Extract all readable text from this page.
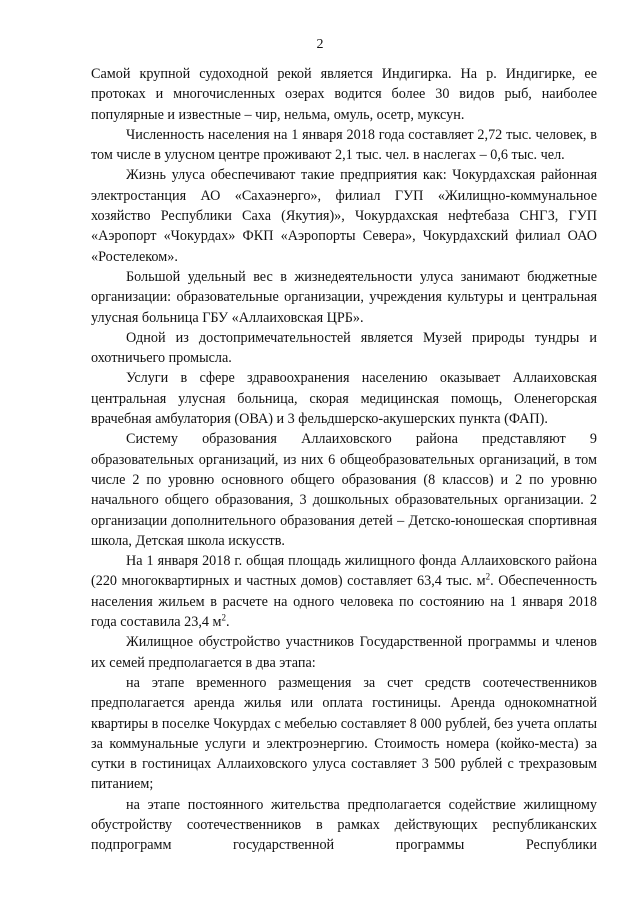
2

Самой крупной судоходной рекой является Индигирка. На р. Индигирке, ее протоках и многочисленных озерах водится более 30 видов рыб, наиболее популярные и известные – чир, нельма, омуль, осетр, муксун.

Численность населения на 1 января 2018 года составляет 2,72 тыс. человек, в том числе в улусном центре проживают 2,1 тыс. чел. в наслегах – 0,6 тыс. чел.

Жизнь улуса обеспечивают такие предприятия как: Чокурдахская районная электростанция АО «Сахаэнерго», филиал ГУП «Жилищно-коммунальное хозяйство Республики Саха (Якутия)», Чокурдахская нефтебаза СНГЗ, ГУП «Аэропорт «Чокурдах» ФКП «Аэропорты Севера», Чокурдахский филиал ОАО «Ростелеком».

Большой удельный вес в жизнедеятельности улуса занимают бюджетные организации: образовательные организации, учреждения культуры и центральная улусная больница ГБУ «Аллаиховская ЦРБ».

Одной из достопримечательностей является Музей природы тундры и охотничьего промысла.

Услуги в сфере здравоохранения населению оказывает Аллаиховская центральная улусная больница, скорая медицинская помощь, Оленегорская врачебная амбулатория (ОВА) и 3 фельдшерско-акушерских пункта (ФАП).

Систему образования Аллаиховского района представляют 9 образовательных организаций, из них 6 общеобразовательных организаций, в том числе 2 по уровню основного общего образования (8 классов) и 2 по уровню начального общего образования, 3 дошкольных образовательных организации. 2 организации дополнительного образования детей – Детско-юношеская спортивная школа, Детская школа искусств.

На 1 января 2018 г. общая площадь жилищного фонда Аллаиховского района (220 многоквартирных и частных домов) составляет 63,4 тыс. $м^2$. Обеспеченность населения жильем в расчете на одного человека по состоянию на 1 января 2018 года составила 23,4 $м^2$.

Жилищное обустройство участников Государственной программы и членов их семей предполагается в два этапа:

на этапе временного размещения за счет средств соотечественников предполагается аренда жилья или оплата гостиницы. Аренда однокомнатной квартиры в поселке Чокурдах с мебелью составляет 8 000 рублей, без учета оплаты за коммунальные услуги и электроэнергию. Стоимость номера (койко-места) за сутки в гостиницах Аллаиховского улуса составляет 3 500 рублей с трехразовым питанием;

на этапе постоянного жительства предполагается содействие жилищному обустройству соотечественников в рамках действующих республиканских подпрограмм государственной программы Республики
